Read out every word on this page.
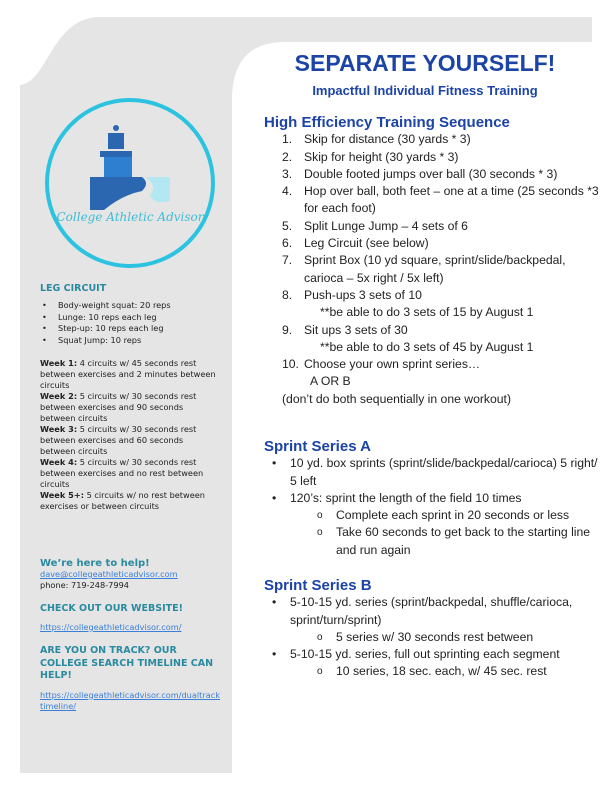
SEPARATE YOURSELF!
Impactful Individual Fitness Training
College Athletic Advisor
LEG CIRCUIT
• Body-weight squat: 20 reps
• Lunge: 10 reps each leg
• Step-up: 10 reps each leg
• Squat Jump: 10 reps
Week 1: 4 circuits w/ 45 seconds rest between exercises and 2 minutes between circuits
Week 2: 5 circuits w/ 30 seconds rest between exercises and 90 seconds between circuits
Week 3: 5 circuits w/ 30 seconds rest between exercises and 60 seconds between circuits
Week 4: 5 circuits w/ 30 seconds rest between exercises and no rest between circuits
Week 5+: 5 circuits w/ no rest between exercises or between circuits
We’re here to help!
dave@collegeathleticadvisor.com
phone: 719-248-7994
CHECK OUT OUR WEBSITE!
https://collegeathleticadvisor.com/
ARE YOU ON TRACK? OUR COLLEGE SEARCH TIMELINE CAN HELP!
https://collegeathleticadvisor.com/dualtracktimeline/
High Efficiency Training Sequence
1. Skip for distance (30 yards * 3)
2. Skip for height (30 yards * 3)
3. Double footed jumps over ball (30 seconds * 3)
4. Hop over ball, both feet – one at a time (25 seconds *3 for each foot)
5. Split Lunge Jump – 4 sets of 6
6. Leg Circuit (see below)
7. Sprint Box (10 yd square, sprint/slide/backpedal, carioca – 5x right / 5x left)
8. Push-ups 3 sets of 10
**be able to do 3 sets of 15 by August 1
9. Sit ups 3 sets of 30
**be able to do 3 sets of 45 by August 1
10. Choose your own sprint series…
A OR B
(don’t do both sequentially in one workout)
Sprint Series A
• 10 yd. box sprints (sprint/slide/backpedal/carioca) 5 right/ 5 left
• 120’s: sprint the length of the field 10 times
o Complete each sprint in 20 seconds or less
o Take 60 seconds to get back to the starting line and run again
Sprint Series B
• 5-10-15 yd. series (sprint/backpedal, shuffle/carioca, sprint/turn/sprint)
o 5 series w/ 30 seconds rest between
• 5-10-15 yd. series, full out sprinting each segment
o 10 series, 18 sec. each, w/ 45 sec. rest
